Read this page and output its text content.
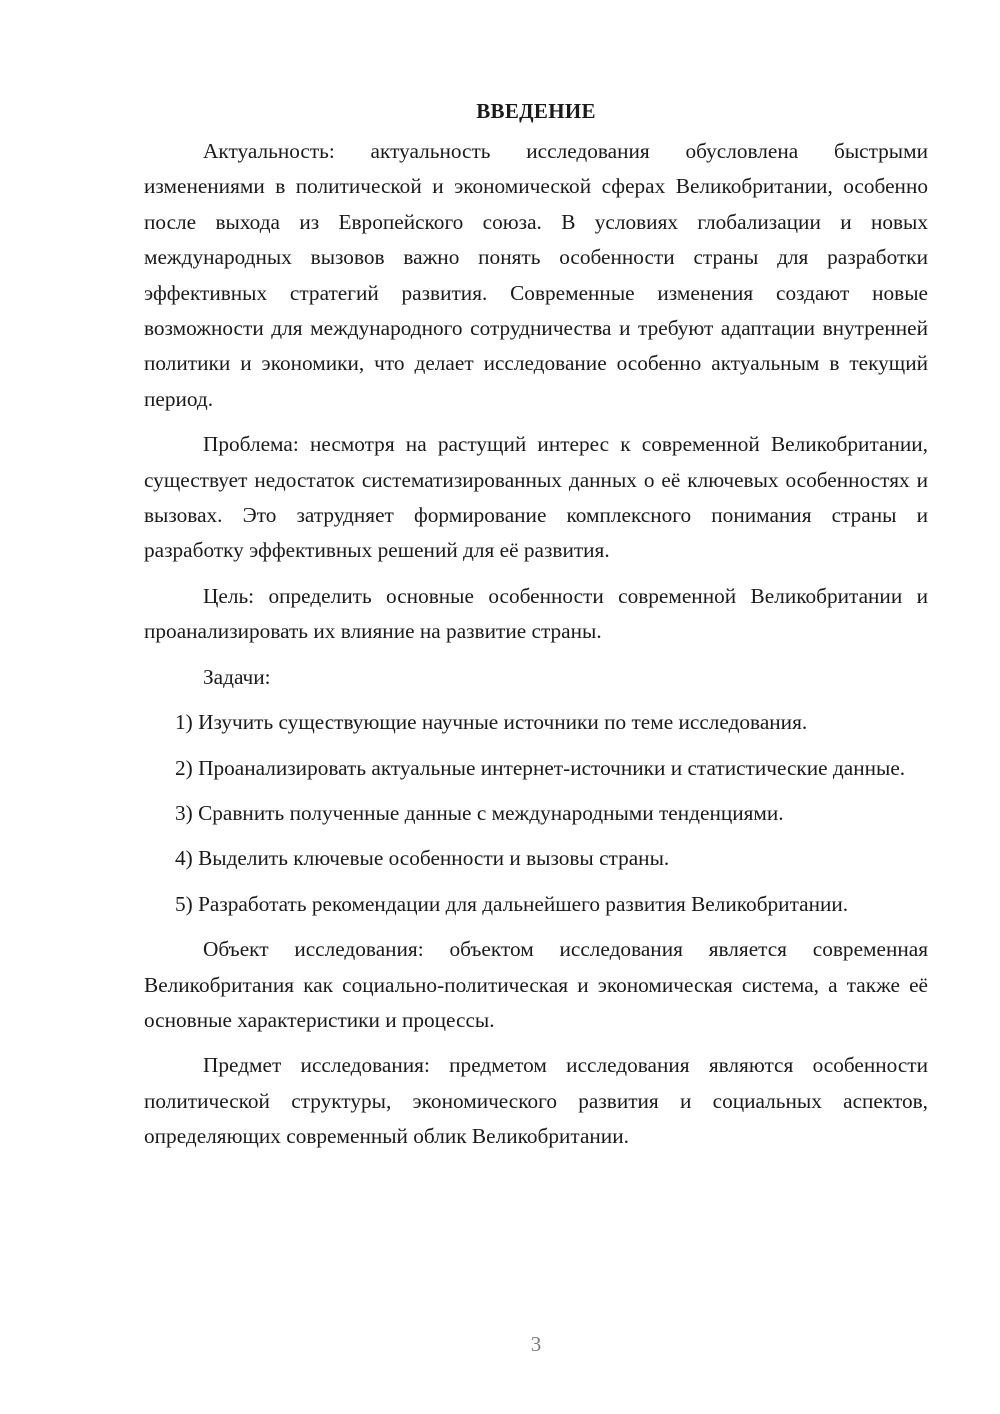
ВВЕДЕНИЕ

Актуальность: актуальность исследования обусловлена быстрыми изменениями в политической и экономической сферах Великобритании, особенно после выхода из Европейского союза. В условиях глобализации и новых международных вызовов важно понять особенности страны для разработки эффективных стратегий развития. Современные изменения создают новые возможности для международного сотрудничества и требуют адаптации внутренней политики и экономики, что делает исследование особенно актуальным в текущий период.

Проблема: несмотря на растущий интерес к современной Великобритании, существует недостаток систематизированных данных о её ключевых особенностях и вызовах. Это затрудняет формирование комплексного понимания страны и разработку эффективных решений для её развития.

Цель: определить основные особенности современной Великобритании и проанализировать их влияние на развитие страны.

Задачи:

1) Изучить существующие научные источники по теме исследования.

2) Проанализировать актуальные интернет-источники и статистические данные.

3) Сравнить полученные данные с международными тенденциями.

4) Выделить ключевые особенности и вызовы страны.

5) Разработать рекомендации для дальнейшего развития Великобритании.

Объект исследования: объектом исследования является современная Великобритания как социально-политическая и экономическая система, а также её основные характеристики и процессы.

Предмет исследования: предметом исследования являются особенности политической структуры, экономического развития и социальных аспектов, определяющих современный облик Великобритании.

3
